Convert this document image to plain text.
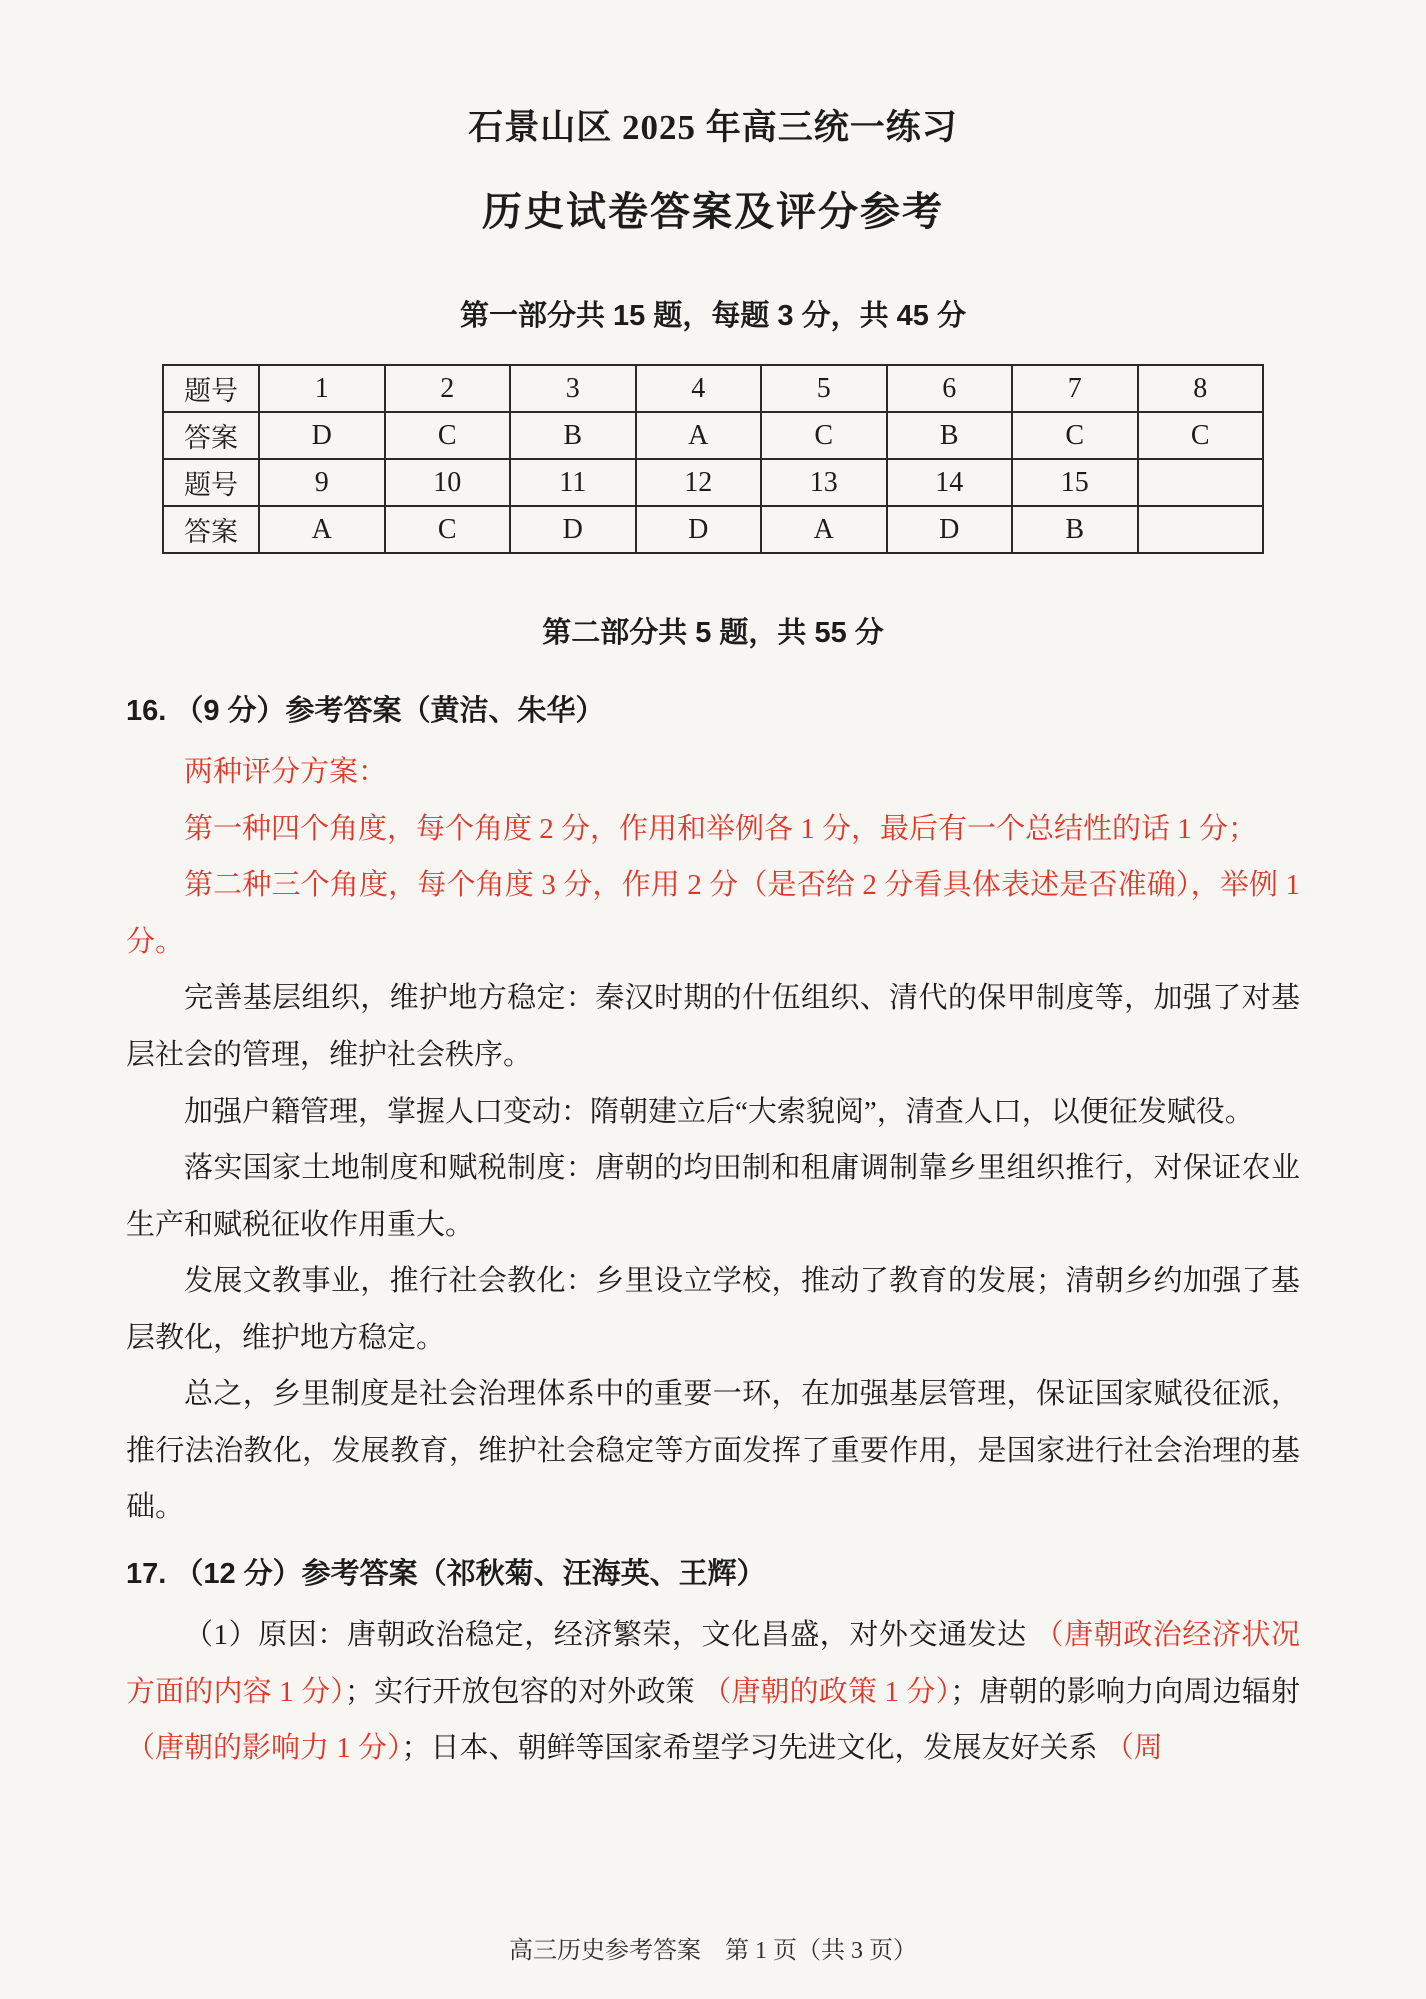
石景山区 2025 年高三统一练习
历史试卷答案及评分参考
第一部分共 15 题，每题 3 分，共 45 分
题号	1	2	3	4	5	6	7	8
答案	D	C	B	A	C	B	C	C
题号	9	10	11	12	13	14	15	
答案	A	C	D	D	A	D	B	
第二部分共 5 题，共 55 分
16. （9 分）参考答案（黄洁、朱华）

两种评分方案：

第一种四个角度，每个角度 2 分，作用和举例各 1 分，最后有一个总结性的话 1 分；

第二种三个角度，每个角度 3 分，作用 2 分（是否给 2 分看具体表述是否准确），举例 1 分。

完善基层组织，维护地方稳定：秦汉时期的什伍组织、清代的保甲制度等，加强了对基层社会的管理，维护社会秩序。

加强户籍管理，掌握人口变动：隋朝建立后“大索貌阅”，清查人口，以便征发赋役。

落实国家土地制度和赋税制度：唐朝的均田制和租庸调制靠乡里组织推行，对保证农业生产和赋税征收作用重大。

发展文教事业，推行社会教化：乡里设立学校，推动了教育的发展；清朝乡约加强了基层教化，维护地方稳定。

总之，乡里制度是社会治理体系中的重要一环，在加强基层管理，保证国家赋役征派，推行法治教化，发展教育，维护社会稳定等方面发挥了重要作用，是国家进行社会治理的基础。

17. （12 分）参考答案（祁秋菊、汪海英、王辉）

（1）原因：唐朝政治稳定，经济繁荣，文化昌盛，对外交通发达 （唐朝政治经济状况方面的内容 1 分）；实行开放包容的对外政策 （唐朝的政策 1 分）；唐朝的影响力向周边辐射 （唐朝的影响力 1 分）；日本、朝鲜等国家希望学习先进文化，发展友好关系 （周

高三历史参考答案　第 1 页（共 3 页）
